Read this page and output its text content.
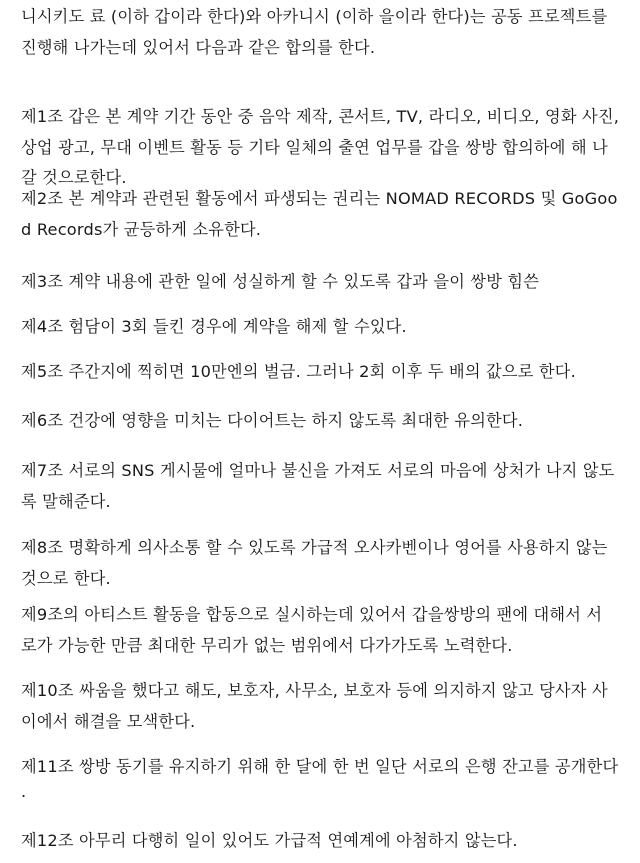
니시키도 료 (이하 갑이라 한다)와 아카니시 (이하 을이라 한다)는 공동 프로젝트를
진행해 나가는데 있어서 다음과 같은 합의를 한다.
제1조 갑은 본 계약 기간 동안 중 음악 제작, 콘서트, TV, 라디오, 비디오, 영화 사진,
상업 광고, 무대 이벤트 활동 등 기타 일체의 출연 업무를 갑을 쌍방 합의하에 해 나
갈 것으로한다.
제2조 본 계약과 관련된 활동에서 파생되는 권리는 NOMAD RECORDS 및 GoGoo
d Records가 균등하게 소유한다.
제3조 계약 내용에 관한 일에 성실하게 할 수 있도록 갑과 을이 쌍방 힘쓴
제4조 험담이 3회 들킨 경우에 계약을 해제 할 수있다.
제5조 주간지에 찍히면 10만엔의 벌금. 그러나 2회 이후 두 배의 값으로 한다.
제6조 건강에 영향을 미치는 다이어트는 하지 않도록 최대한 유의한다.
제7조 서로의 SNS 게시물에 얼마나 불신을 가져도 서로의 마음에 상처가 나지 않도
록 말해준다.
제8조 명확하게 의사소통 할 수 있도록 가급적 오사카벤이나 영어를 사용하지 않는
것으로 한다.
제9조의 아티스트 활동을 합동으로 실시하는데 있어서 갑을쌍방의 팬에 대해서 서
로가 가능한 만큼 최대한 무리가 없는 범위에서 다가가도록 노력한다.
제10조 싸움을 했다고 해도, 보호자, 사무소, 보호자 등에 의지하지 않고 당사자 사
이에서 해결을 모색한다.
제11조 쌍방 동기를 유지하기 위해 한 달에 한 번 일단 서로의 은행 잔고를 공개한다
.
제12조 아무리 다행히 일이 있어도 가급적 연예계에 아첨하지 않는다.
